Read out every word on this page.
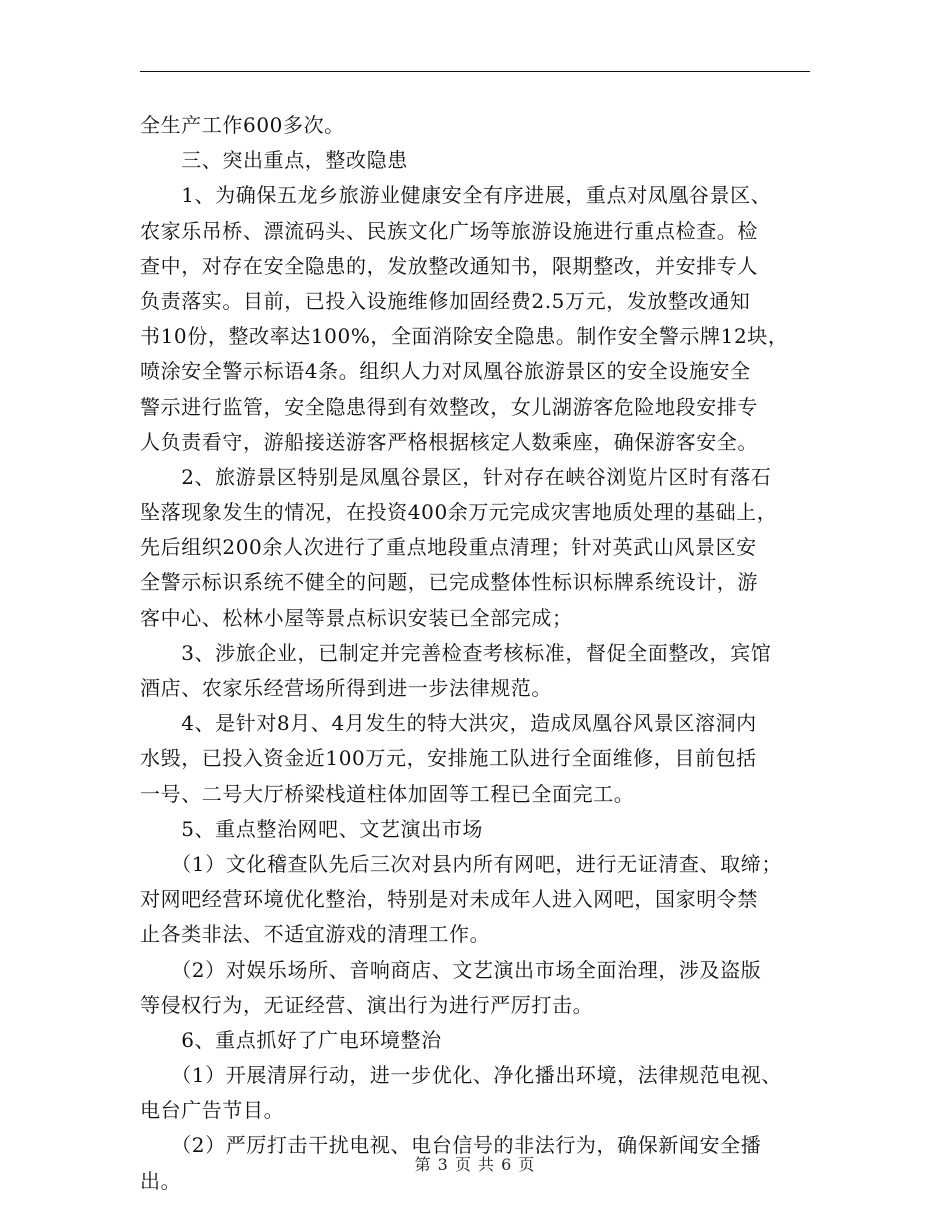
全生产工作600多次。
　　三、突出重点，整改隐患
　　1、为确保五龙乡旅游业健康安全有序进展，重点对凤凰谷景区、
农家乐吊桥、漂流码头、民族文化广场等旅游设施进行重点检查。检
查中，对存在安全隐患的，发放整改通知书，限期整改，并安排专人
负责落实。目前，已投入设施维修加固经费2.5万元，发放整改通知
书10份，整改率达100%，全面消除安全隐患。制作安全警示牌12块，
喷涂安全警示标语4条。组织人力对凤凰谷旅游景区的安全设施安全
警示进行监管，安全隐患得到有效整改，女儿湖游客危险地段安排专
人负责看守，游船接送游客严格根据核定人数乘座，确保游客安全。
　　2、旅游景区特别是凤凰谷景区，针对存在峡谷浏览片区时有落石
坠落现象发生的情况，在投资400余万元完成灾害地质处理的基础上，
先后组织200余人次进行了重点地段重点清理；针对英武山风景区安
全警示标识系统不健全的问题，已完成整体性标识标牌系统设计，游
客中心、松林小屋等景点标识安装已全部完成；
　　3、涉旅企业，已制定并完善检查考核标准，督促全面整改，宾馆
酒店、农家乐经营场所得到进一步法律规范。
　　4、是针对8月、4月发生的特大洪灾，造成凤凰谷风景区溶洞内
水毁，已投入资金近100万元，安排施工队进行全面维修，目前包括
一号、二号大厅桥梁栈道柱体加固等工程已全面完工。
　　5、重点整治网吧、文艺演出市场
　　（1）文化稽查队先后三次对县内所有网吧，进行无证清查、取缔；
对网吧经营环境优化整治，特别是对未成年人进入网吧，国家明令禁
止各类非法、不适宜游戏的清理工作。
　　（2）对娱乐场所、音响商店、文艺演出市场全面治理，涉及盗版
等侵权行为，无证经营、演出行为进行严厉打击。
　　6、重点抓好了广电环境整治
　　（1）开展清屏行动，进一步优化、净化播出环境，法律规范电视、
电台广告节目。
　　（2）严厉打击干扰电视、电台信号的非法行为，确保新闻安全播
出。
第 3 页 共 6 页
